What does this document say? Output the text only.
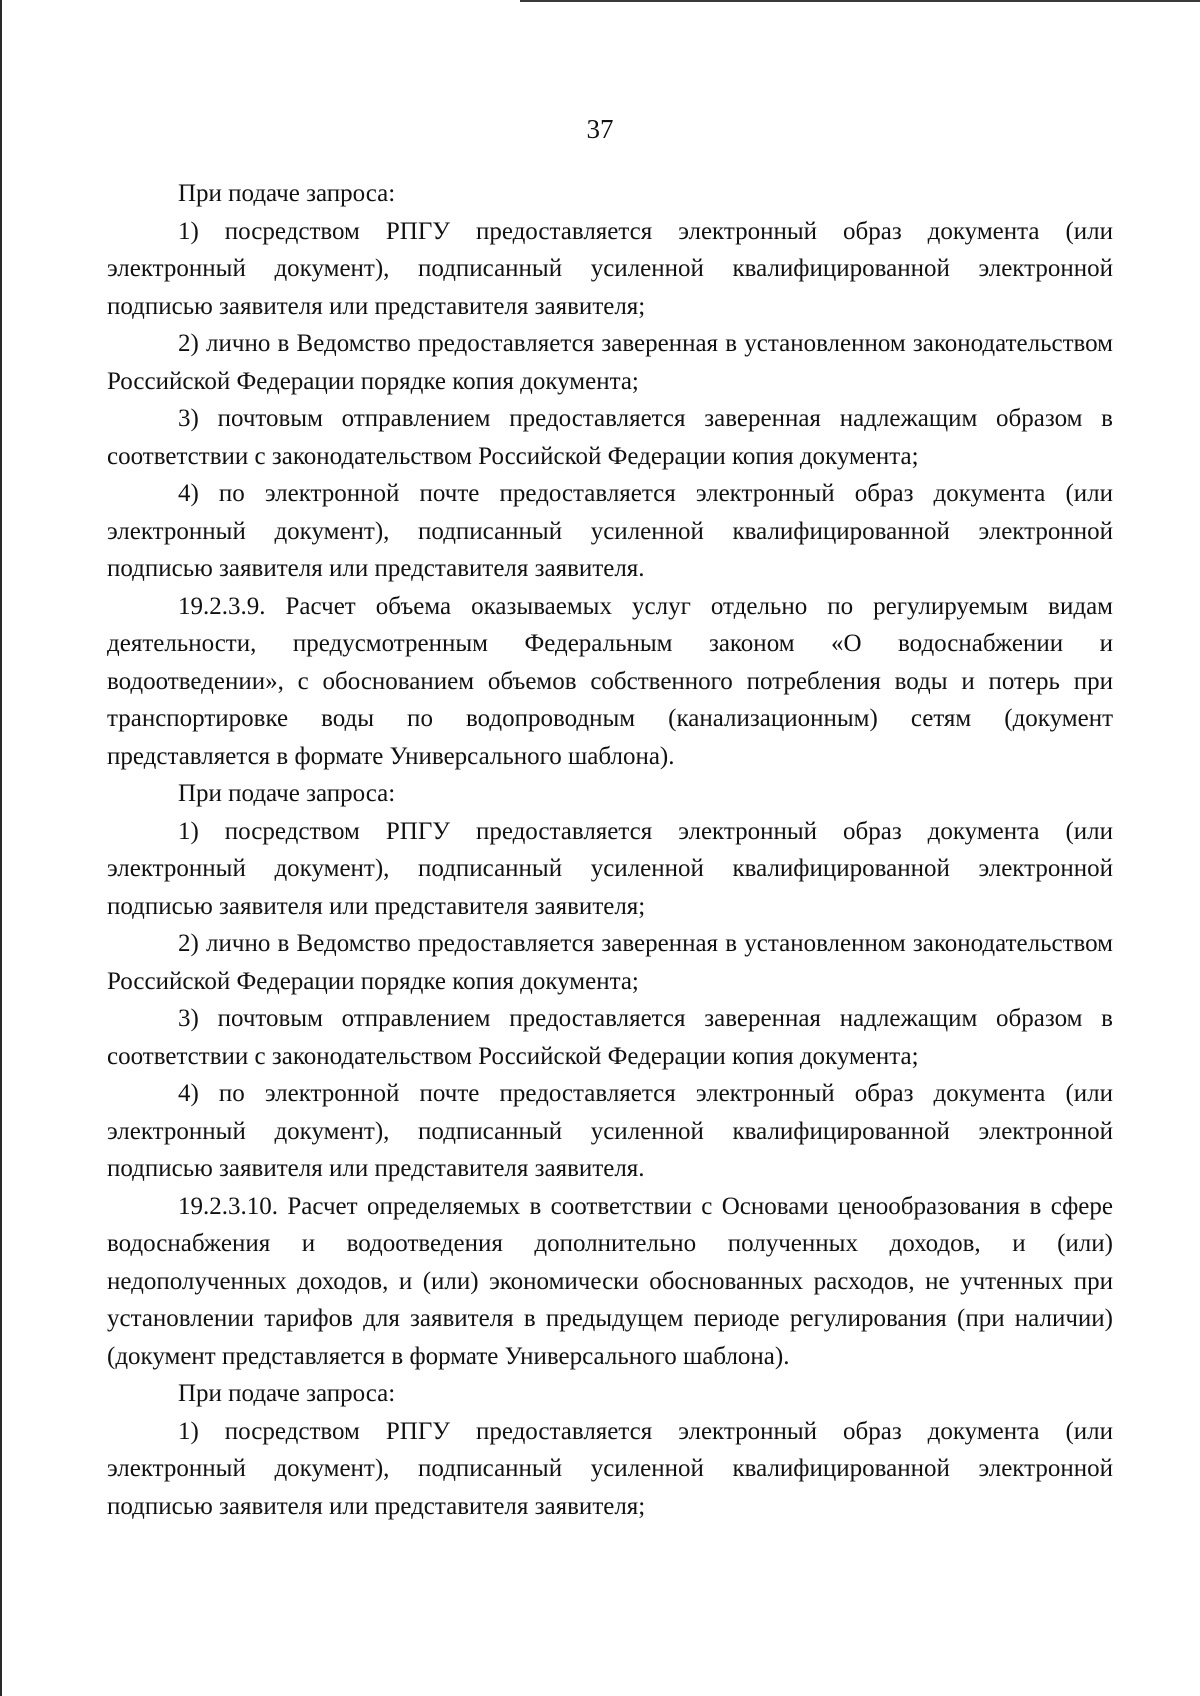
37

При подаче запроса:

1) посредством РПГУ предоставляется электронный образ документа (или электронный документ), подписанный усиленной квалифицированной электронной подписью заявителя или представителя заявителя;

2) лично в Ведомство предоставляется заверенная в установленном законодательством Российской Федерации порядке копия документа;

3) почтовым отправлением предоставляется заверенная надлежащим образом в соответствии с законодательством Российской Федерации копия документа;

4) по электронной почте предоставляется электронный образ документа (или электронный документ), подписанный усиленной квалифицированной электронной подписью заявителя или представителя заявителя.

19.2.3.9. Расчет объема оказываемых услуг отдельно по регулируемым видам деятельности, предусмотренным Федеральным законом «О водоснабжении и водоотведении», с обоснованием объемов собственного потребления воды и потерь при транспортировке воды по водопроводным (канализационным) сетям (документ представляется в формате Универсального шаблона).

При подаче запроса:

1) посредством РПГУ предоставляется электронный образ документа (или электронный документ), подписанный усиленной квалифицированной электронной подписью заявителя или представителя заявителя;

2) лично в Ведомство предоставляется заверенная в установленном законодательством Российской Федерации порядке копия документа;

3) почтовым отправлением предоставляется заверенная надлежащим образом в соответствии с законодательством Российской Федерации копия документа;

4) по электронной почте предоставляется электронный образ документа (или электронный документ), подписанный усиленной квалифицированной электронной подписью заявителя или представителя заявителя.

19.2.3.10. Расчет определяемых в соответствии с Основами ценообразования в сфере водоснабжения и водоотведения дополнительно полученных доходов, и (или) недополученных доходов, и (или) экономически обоснованных расходов, не учтенных при установлении тарифов для заявителя в предыдущем периоде регулирования (при наличии) (документ представляется в формате Универсального шаблона).

При подаче запроса:

1) посредством РПГУ предоставляется электронный образ документа (или электронный документ), подписанный усиленной квалифицированной электронной подписью заявителя или представителя заявителя;
